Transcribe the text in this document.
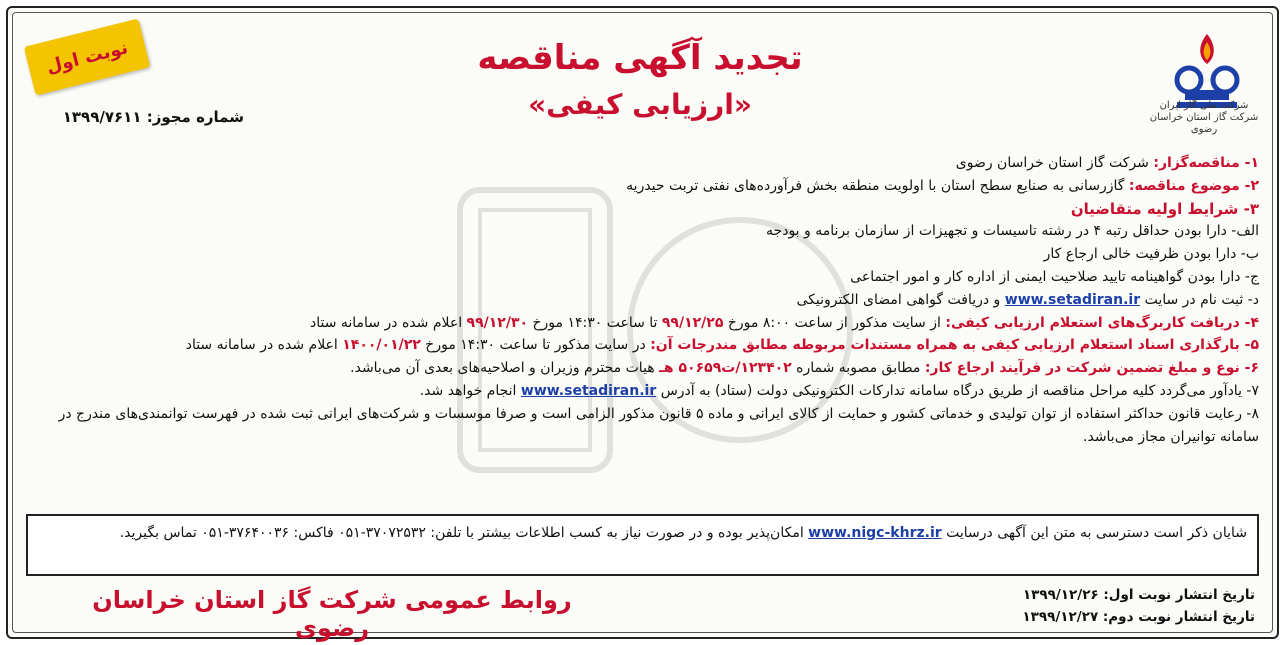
شرکت ملی گاز ایران
شرکت گاز استان خراسان رضوی
نوبت اول
شماره مجوز: ۱۳۹۹/۷۶۱۱
تجدید آگهی مناقصه
«ارزیابی کیفی»

۱- مناقصه‌گزار: شرکت گاز استان خراسان رضوی

۲- موضوع مناقصه: گازرسانی به صنایع سطح استان با اولویت منطقه بخش فرآورده‌های نفتی تربت حیدریه

۳- شرایط اولیه متقاضیان

الف- دارا بودن حداقل رتبه ۴ در رشته تاسیسات و تجهیزات از سازمان برنامه و بودجه

ب- دارا بودن ظرفیت خالی ارجاع کار

ج- دارا بودن گواهینامه تایید صلاحیت ایمنی از اداره کار و امور اجتماعی

د- ثبت نام در سایت www.setadiran.ir و دریافت گواهی امضای الکترونیکی

۴- دریافت کاربرگ‌های استعلام ارزیابی کیفی: از سایت مذکور از ساعت ۸:۰۰ مورخ ۹۹/۱۲/۲۵ تا ساعت ۱۴:۳۰ مورخ ۹۹/۱۲/۳۰ اعلام شده در سامانه ستاد

۵- بارگذاری اسناد استعلام ارزیابی کیفی به همراه مستندات مربوطه مطابق مندرجات آن: در سایت مذکور تا ساعت ۱۴:۳۰ مورخ ۱۴۰۰/۰۱/۲۲ اعلام شده در سامانه ستاد

۶- نوع و مبلغ تضمین شرکت در فرآیند ارجاع کار: مطابق مصوبه شماره ۱۲۳۴۰۲/ت۵۰۶۵۹ هـ هیات محترم وزیران و اصلاحیه‌های بعدی آن می‌باشد.

۷- یادآور می‌گردد کلیه مراحل مناقصه از طریق درگاه سامانه تدارکات الکترونیکی دولت (ستاد) به آدرس www.setadiran.ir انجام خواهد شد.

۸- رعایت قانون حداکثر استفاده از توان تولیدی و خدماتی کشور و حمایت از کالای ایرانی و ماده ۵ قانون مذکور الزامی است و صرفا موسسات و شرکت‌های ایرانی ثبت شده در فهرست توانمندی‌های مندرج در سامانه توانیران مجاز می‌باشد.

شایان ذکر است دسترسی به متن این آگهی درسایت www.nigc-khrz.ir امکان‌پذیر بوده و در صورت نیاز به کسب اطلاعات بیشتر با تلفن: ۳۷۰۷۲۵۳۲-۰۵۱ فاکس: ۳۷۶۴۰۰۳۶-۰۵۱ تماس بگیرید.
تاریخ انتشار نوبت اول: ۱۳۹۹/۱۲/۲۶
تاریخ انتشار نوبت دوم: ۱۳۹۹/۱۲/۲۷
روابط عمومی شرکت گاز استان خراسان رضوی
